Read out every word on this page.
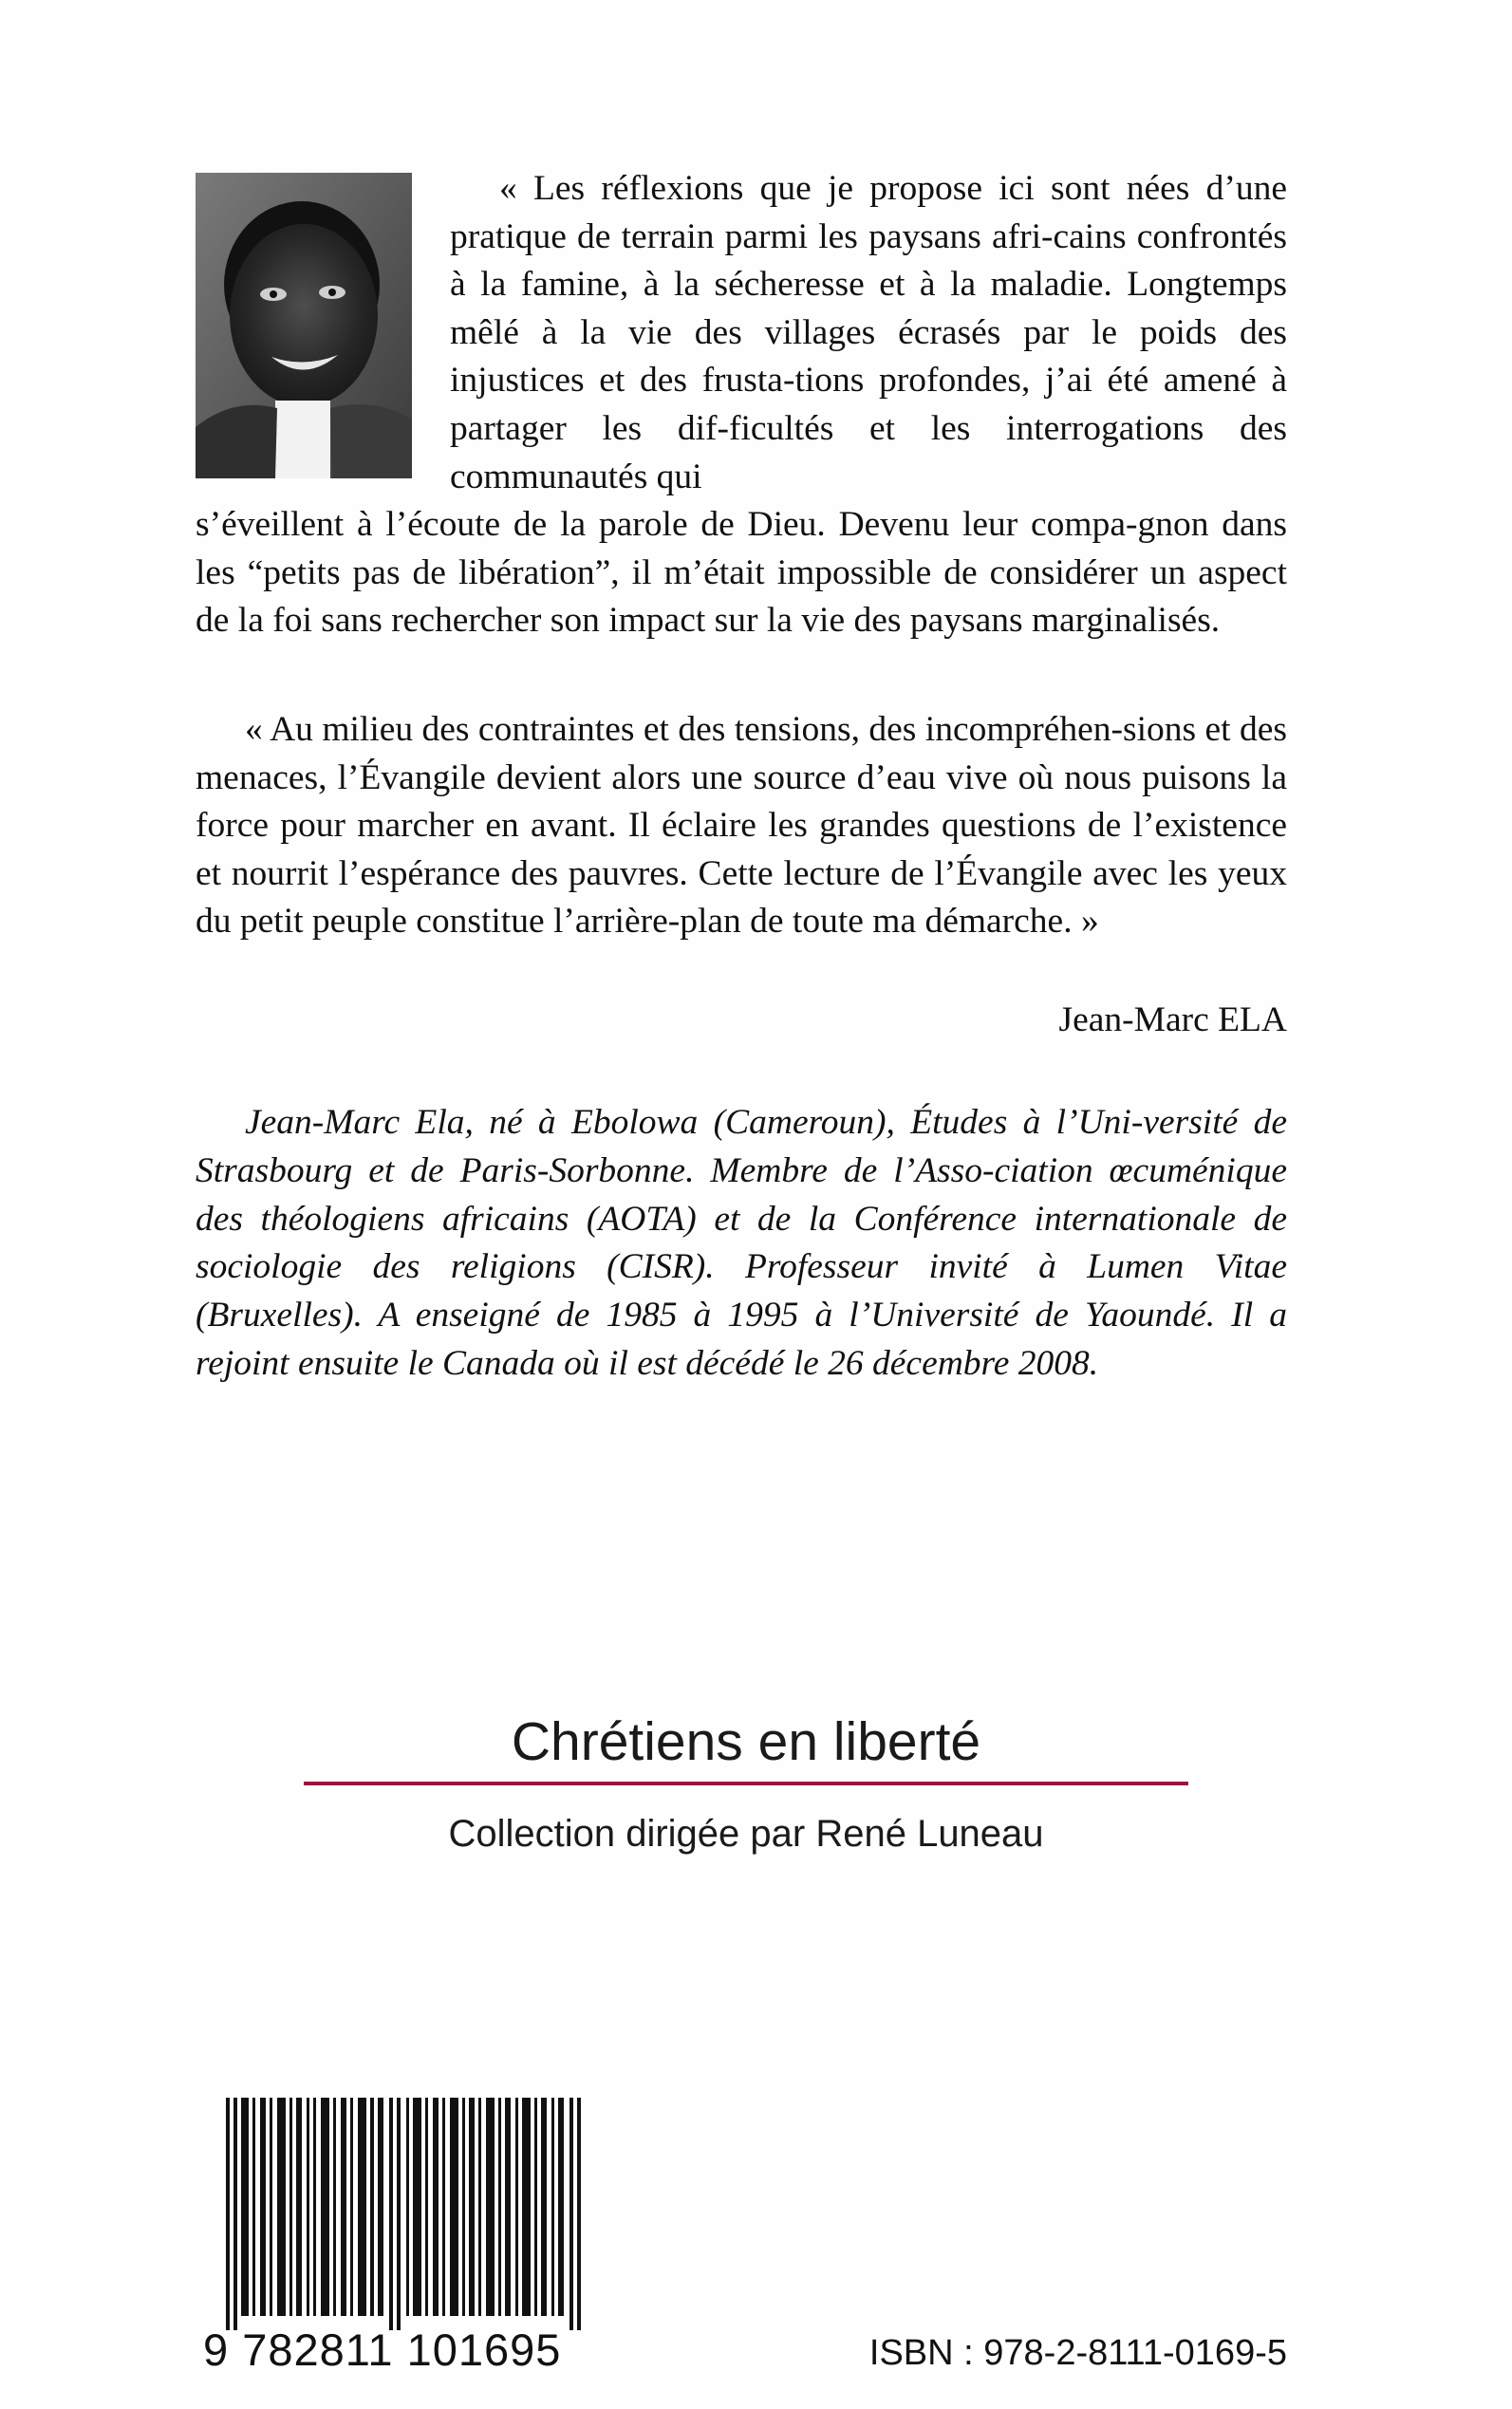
« Les réflexions que je propose ici sont nées d’une pratique de terrain parmi les paysans afri-cains confrontés à la famine, à la sécheresse et à la maladie. Longtemps mêlé à la vie des villages écrasés par le poids des injustices et des frusta-tions profondes, j’ai été amené à partager les dif-ficultés et les interrogations des communautés qui

s’éveillent à l’écoute de la parole de Dieu. Devenu leur compa-gnon dans les “petits pas de libération”, il m’était impossible de considérer un aspect de la foi sans rechercher son impact sur la vie des paysans marginalisés.

« Au milieu des contraintes et des tensions, des incompréhen-sions et des menaces, l’Évangile devient alors une source d’eau vive où nous puisons la force pour marcher en avant. Il éclaire les grandes questions de l’existence et nourrit l’espérance des pauvres. Cette lecture de l’Évangile avec les yeux du petit peuple constitue l’arrière-plan de toute ma démarche. »

Jean-Marc ELA

Jean-Marc Ela, né à Ebolowa (Cameroun), Études à l’Uni-versité de Strasbourg et de Paris-Sorbonne. Membre de l’Asso-ciation œcuménique des théologiens africains (AOTA) et de la Conférence internationale de sociologie des religions (CISR). Professeur invité à Lumen Vitae (Bruxelles). A enseigné de 1985 à 1995 à l’Université de Yaoundé. Il a rejoint ensuite le Canada où il est décédé le 26 décembre 2008.

Chrétiens en liberté
Collection dirigée par René Luneau
9 782811 101695	ISBN : 978-2-8111-0169-5
